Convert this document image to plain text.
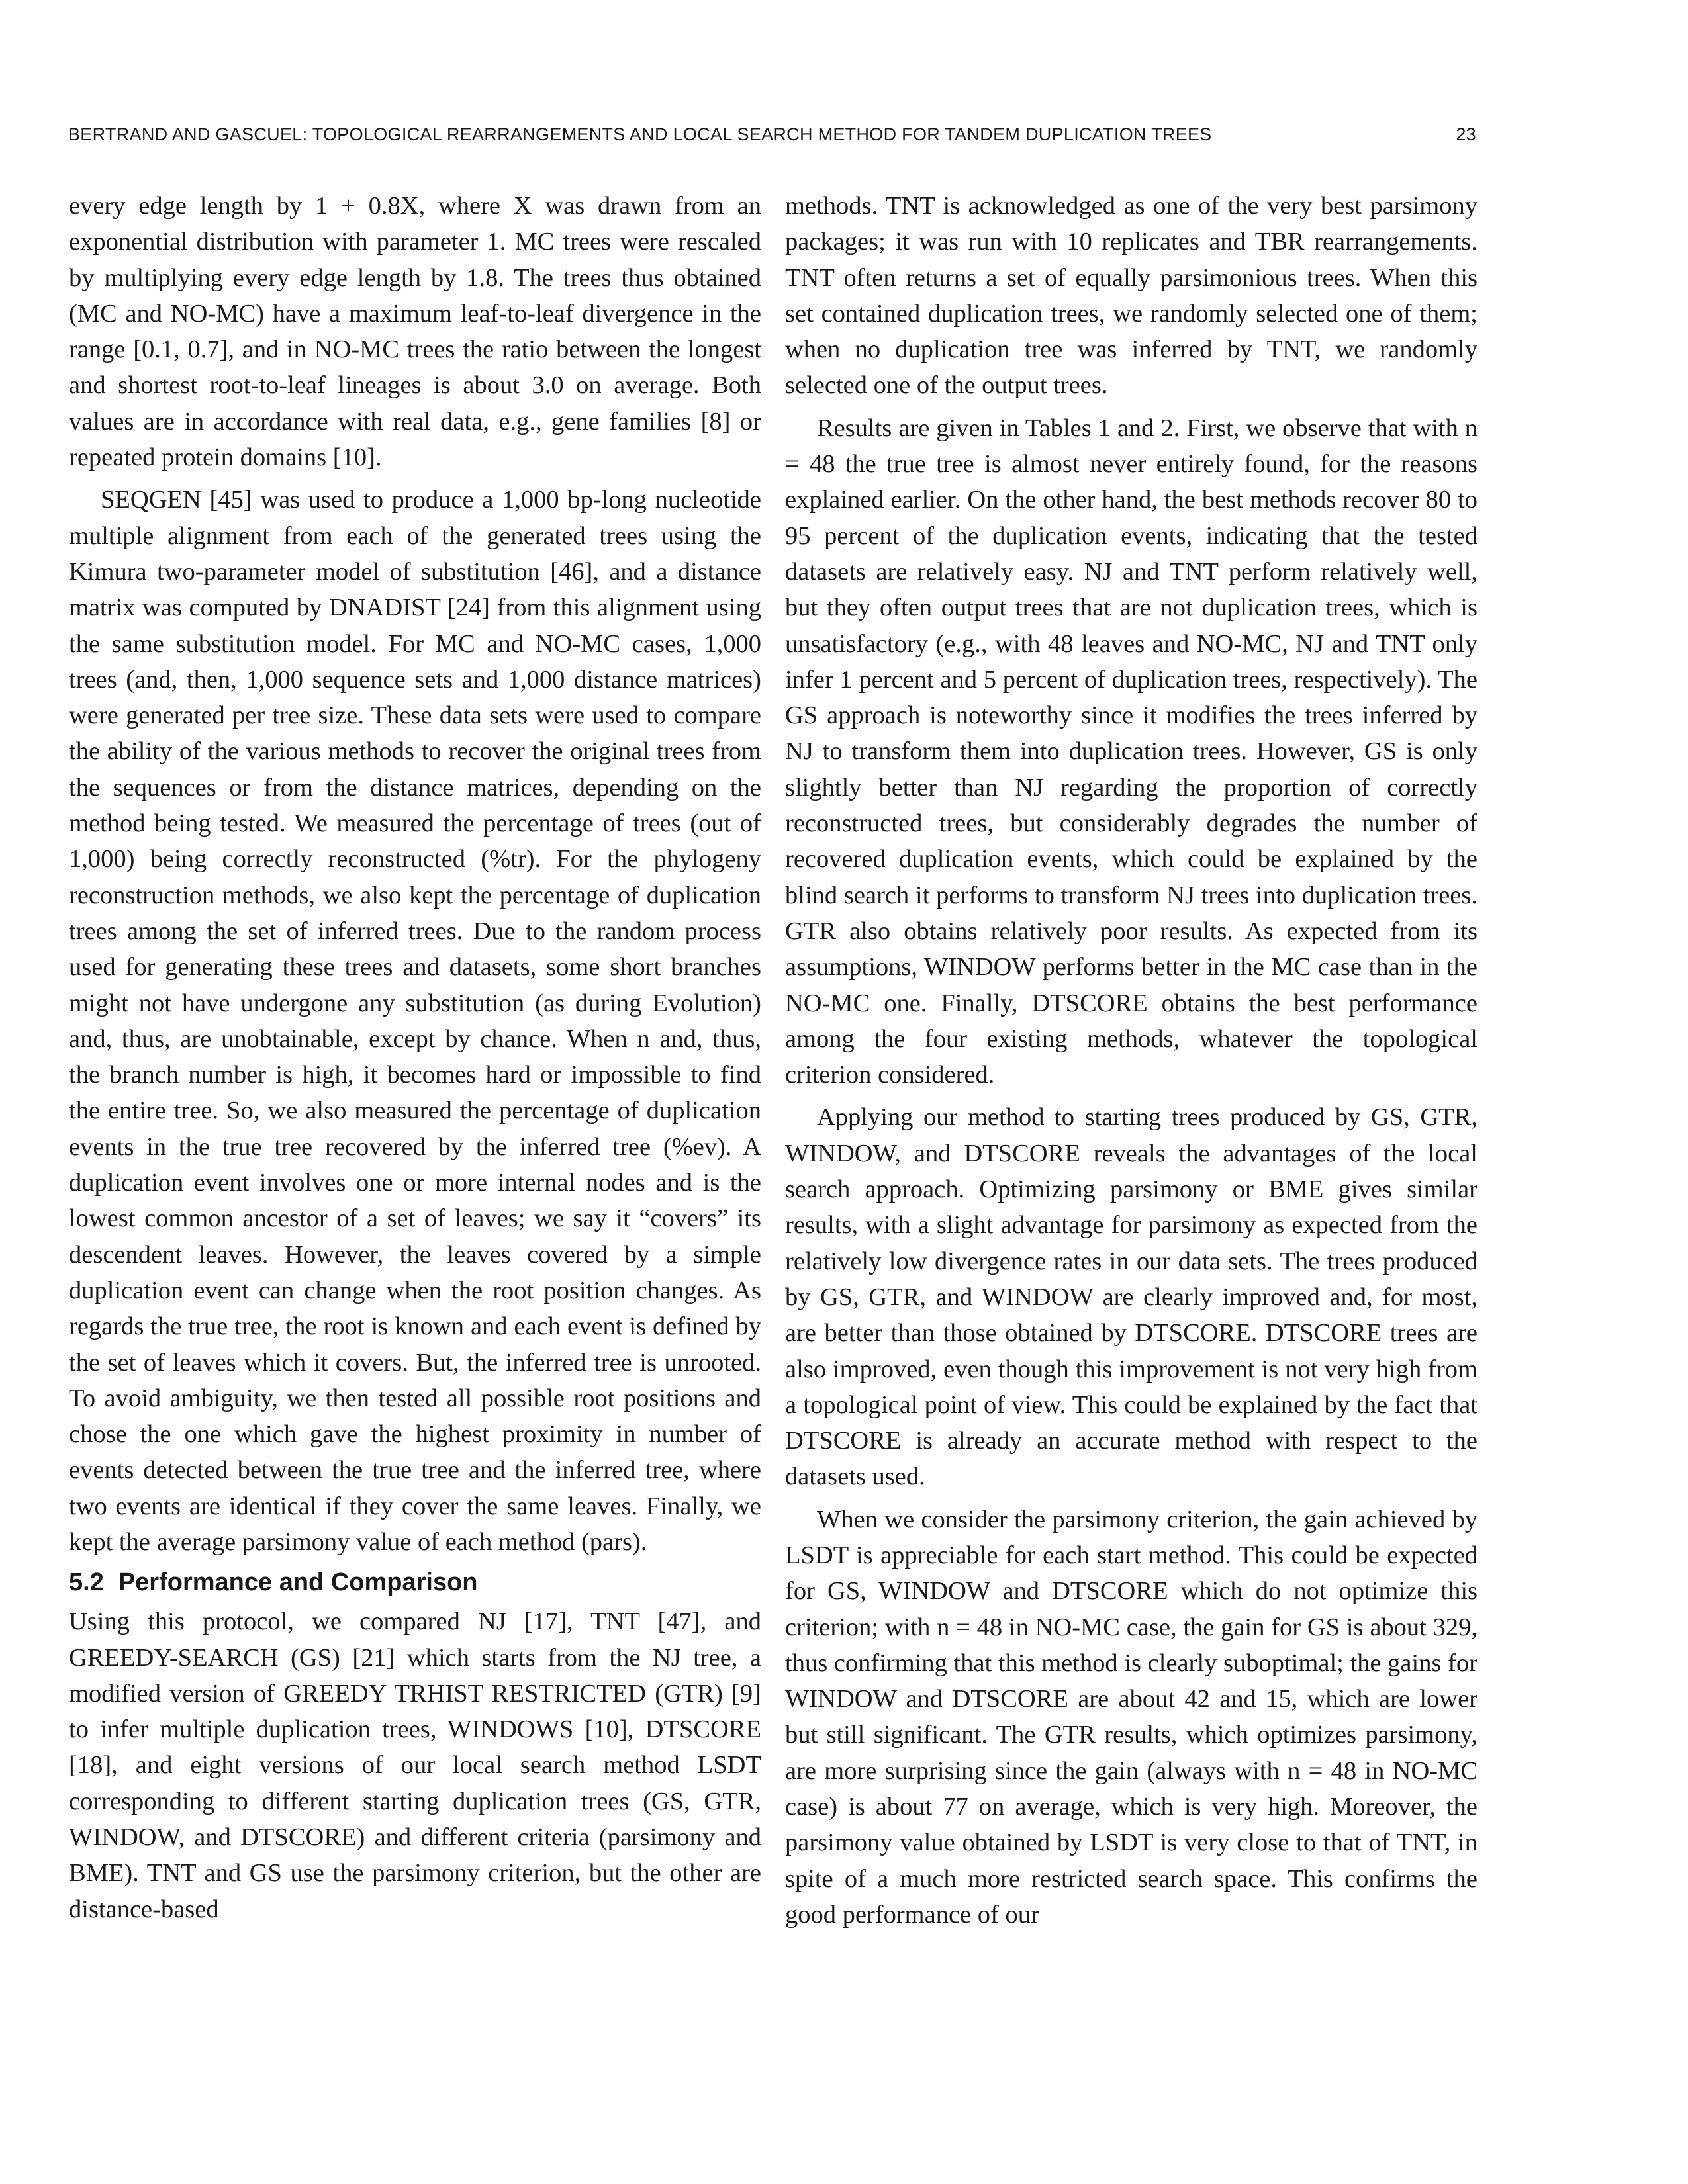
BERTRAND AND GASCUEL: TOPOLOGICAL REARRANGEMENTS AND LOCAL SEARCH METHOD FOR TANDEM DUPLICATION TREES	23

every edge length by 1 + 0.8X, where X was drawn from an exponential distribution with parameter 1. MC trees were rescaled by multiplying every edge length by 1.8. The trees thus obtained (MC and NO-MC) have a maximum leaf-to-leaf divergence in the range [0.1, 0.7], and in NO-MC trees the ratio between the longest and shortest root-to-leaf lineages is about 3.0 on average. Both values are in accordance with real data, e.g., gene families [8] or repeated protein domains [10].

SEQGEN [45] was used to produce a 1,000 bp-long nucleotide multiple alignment from each of the generated trees using the Kimura two-parameter model of substitution [46], and a distance matrix was computed by DNADIST [24] from this alignment using the same substitution model. For MC and NO-MC cases, 1,000 trees (and, then, 1,000 sequence sets and 1,000 distance matrices) were generated per tree size. These data sets were used to compare the ability of the various methods to recover the original trees from the sequences or from the distance matrices, depending on the method being tested. We measured the percentage of trees (out of 1,000) being correctly reconstructed (%tr). For the phylogeny reconstruction methods, we also kept the percentage of duplication trees among the set of inferred trees. Due to the random process used for generating these trees and datasets, some short branches might not have undergone any substitution (as during Evolution) and, thus, are unobtainable, except by chance. When n and, thus, the branch number is high, it becomes hard or impossible to find the entire tree. So, we also measured the percentage of duplication events in the true tree recovered by the inferred tree (%ev). A duplication event involves one or more internal nodes and is the lowest common ancestor of a set of leaves; we say it “covers” its descendent leaves. However, the leaves covered by a simple duplication event can change when the root position changes. As regards the true tree, the root is known and each event is defined by the set of leaves which it covers. But, the inferred tree is unrooted. To avoid ambiguity, we then tested all possible root positions and chose the one which gave the highest proximity in number of events detected between the true tree and the inferred tree, where two events are identical if they cover the same leaves. Finally, we kept the average parsimony value of each method (pars).

5.2 Performance and Comparison

Using this protocol, we compared NJ [17], TNT [47], and GREEDY-SEARCH (GS) [21] which starts from the NJ tree, a modified version of GREEDY TRHIST RESTRICTED (GTR) [9] to infer multiple duplication trees, WINDOWS [10], DTSCORE [18], and eight versions of our local search method LSDT corresponding to different starting duplication trees (GS, GTR, WINDOW, and DTSCORE) and different criteria (parsimony and BME). TNT and GS use the parsimony criterion, but the other are distance-based

methods. TNT is acknowledged as one of the very best parsimony packages; it was run with 10 replicates and TBR rearrangements. TNT often returns a set of equally parsimonious trees. When this set contained duplication trees, we randomly selected one of them; when no duplication tree was inferred by TNT, we randomly selected one of the output trees.

Results are given in Tables 1 and 2. First, we observe that with n = 48 the true tree is almost never entirely found, for the reasons explained earlier. On the other hand, the best methods recover 80 to 95 percent of the duplication events, indicating that the tested datasets are relatively easy. NJ and TNT perform relatively well, but they often output trees that are not duplication trees, which is unsatisfactory (e.g., with 48 leaves and NO-MC, NJ and TNT only infer 1 percent and 5 percent of duplication trees, respectively). The GS approach is noteworthy since it modifies the trees inferred by NJ to transform them into duplication trees. However, GS is only slightly better than NJ regarding the proportion of correctly reconstructed trees, but considerably degrades the number of recovered duplication events, which could be explained by the blind search it performs to transform NJ trees into duplication trees. GTR also obtains relatively poor results. As expected from its assumptions, WINDOW performs better in the MC case than in the NO-MC one. Finally, DTSCORE obtains the best performance among the four existing methods, whatever the topological criterion considered.

Applying our method to starting trees produced by GS, GTR, WINDOW, and DTSCORE reveals the advantages of the local search approach. Optimizing parsimony or BME gives similar results, with a slight advantage for parsimony as expected from the relatively low divergence rates in our data sets. The trees produced by GS, GTR, and WINDOW are clearly improved and, for most, are better than those obtained by DTSCORE. DTSCORE trees are also improved, even though this improvement is not very high from a topological point of view. This could be explained by the fact that DTSCORE is already an accurate method with respect to the datasets used.

When we consider the parsimony criterion, the gain achieved by LSDT is appreciable for each start method. This could be expected for GS, WINDOW and DTSCORE which do not optimize this criterion; with n = 48 in NO-MC case, the gain for GS is about 329, thus confirming that this method is clearly suboptimal; the gains for WINDOW and DTSCORE are about 42 and 15, which are lower but still significant. The GTR results, which optimizes parsimony, are more surprising since the gain (always with n = 48 in NO-MC case) is about 77 on average, which is very high. Moreover, the parsimony value obtained by LSDT is very close to that of TNT, in spite of a much more restricted search space. This confirms the good performance of our
